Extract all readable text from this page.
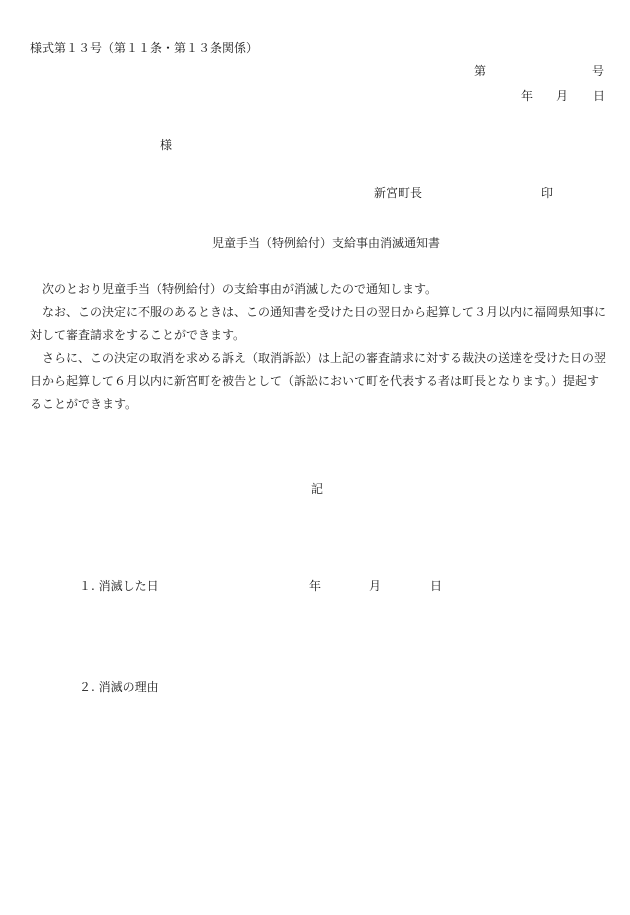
様式第１３号（第１１条・第１３条関係）
第	号
年 月 日
様
新宮町長	印
児童手当（特例給付）支給事由消滅通知書

次のとおり児童手当（特例給付）の支給事由が消滅したので通知します。

なお、この決定に不服のあるときは、この通知書を受けた日の翌日から起算して３月以内に福岡県知事に対して審査請求をすることができます。

さらに、この決定の取消を求める訴え（取消訴訟）は上記の審査請求に対する裁決の送達を受けた日の翌日から起算して６月以内に新宮町を被告として（訴訟において町を代表する者は町長となります。）提起することができます。

記
１. 消滅した日	年	月	日
２. 消滅の理由
